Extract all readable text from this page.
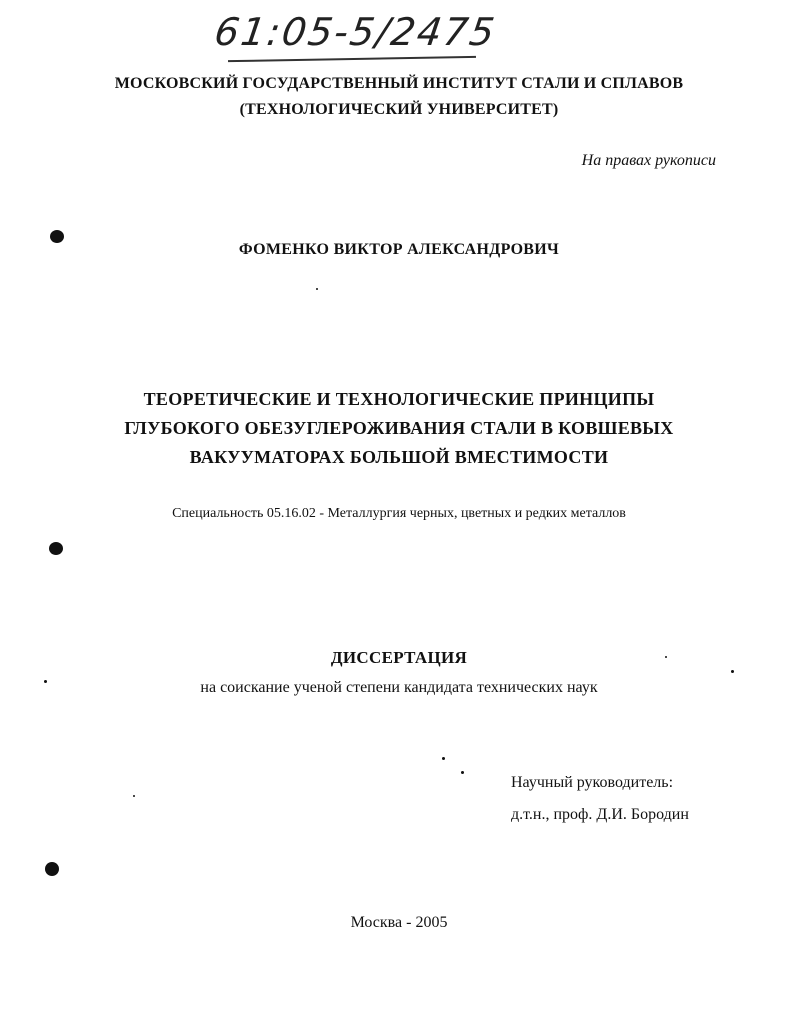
61:05-5/2475
МОСКОВСКИЙ ГОСУДАРСТВЕННЫЙ ИНСТИТУТ СТАЛИ И СПЛАВОВ
(ТЕХНОЛОГИЧЕСКИЙ УНИВЕРСИТЕТ)
На правах рукописи
ФОМЕНКО ВИКТОР АЛЕКСАНДРОВИЧ
ТЕОРЕТИЧЕСКИЕ И ТЕХНОЛОГИЧЕСКИЕ ПРИНЦИПЫ
ГЛУБОКОГО ОБЕЗУГЛЕРОЖИВАНИЯ СТАЛИ В КОВШЕВЫХ
ВАКУУМАТОРАХ БОЛЬШОЙ ВМЕСТИМОСТИ
Специальность 05.16.02 - Металлургия черных, цветных и редких металлов
ДИССЕРТАЦИЯ
на соискание ученой степени кандидата технических наук
Научный руководитель:
д.т.н., проф. Д.И. Бородин
Москва - 2005
